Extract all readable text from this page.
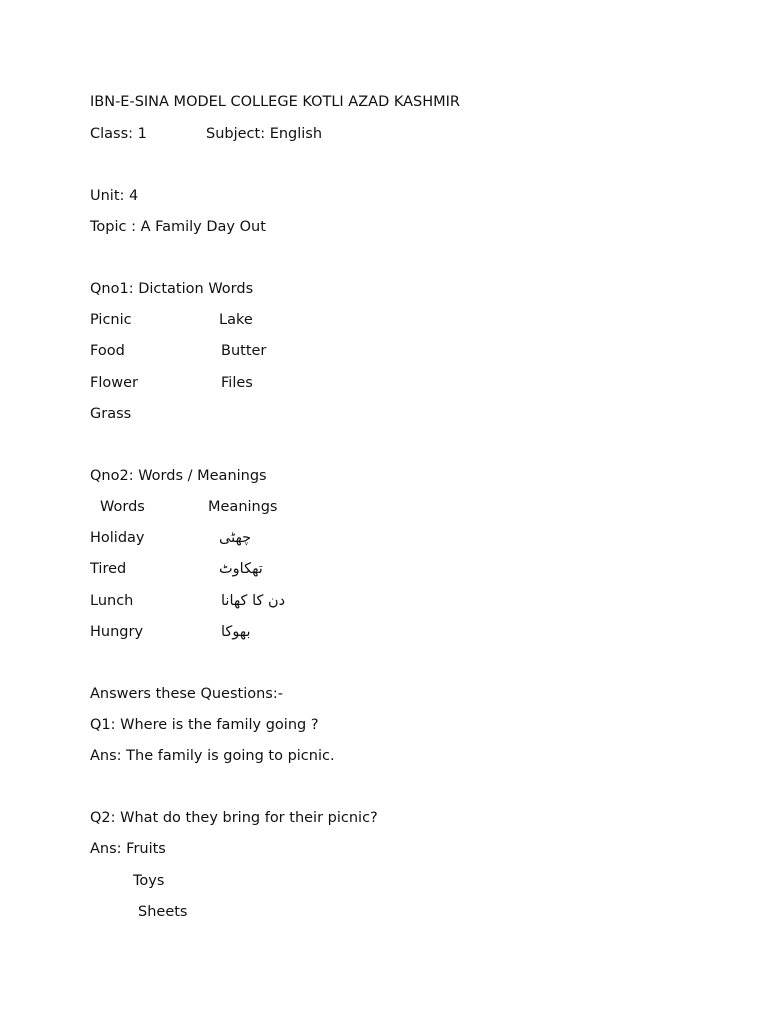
IBN-E-SINA MODEL COLLEGE KOTLI AZAD KASHMIR
Class: 1	Subject: English
Unit: 4
Topic : A Family Day Out
Qno1: Dictation Words
Picnic	Lake
Food	Butter
Flower	Files
Grass
Qno2: Words / Meanings
Words	Meanings
Holiday	چھٹی
Tired	تھکاوٹ
Lunch	دن کا کھانا
Hungry	بھوکا
Answers these Questions:-
Q1: Where is the family going ?
Ans: The family is going to picnic.
Q2: What do they bring for their picnic?
Ans: Fruits
Toys
Sheets
